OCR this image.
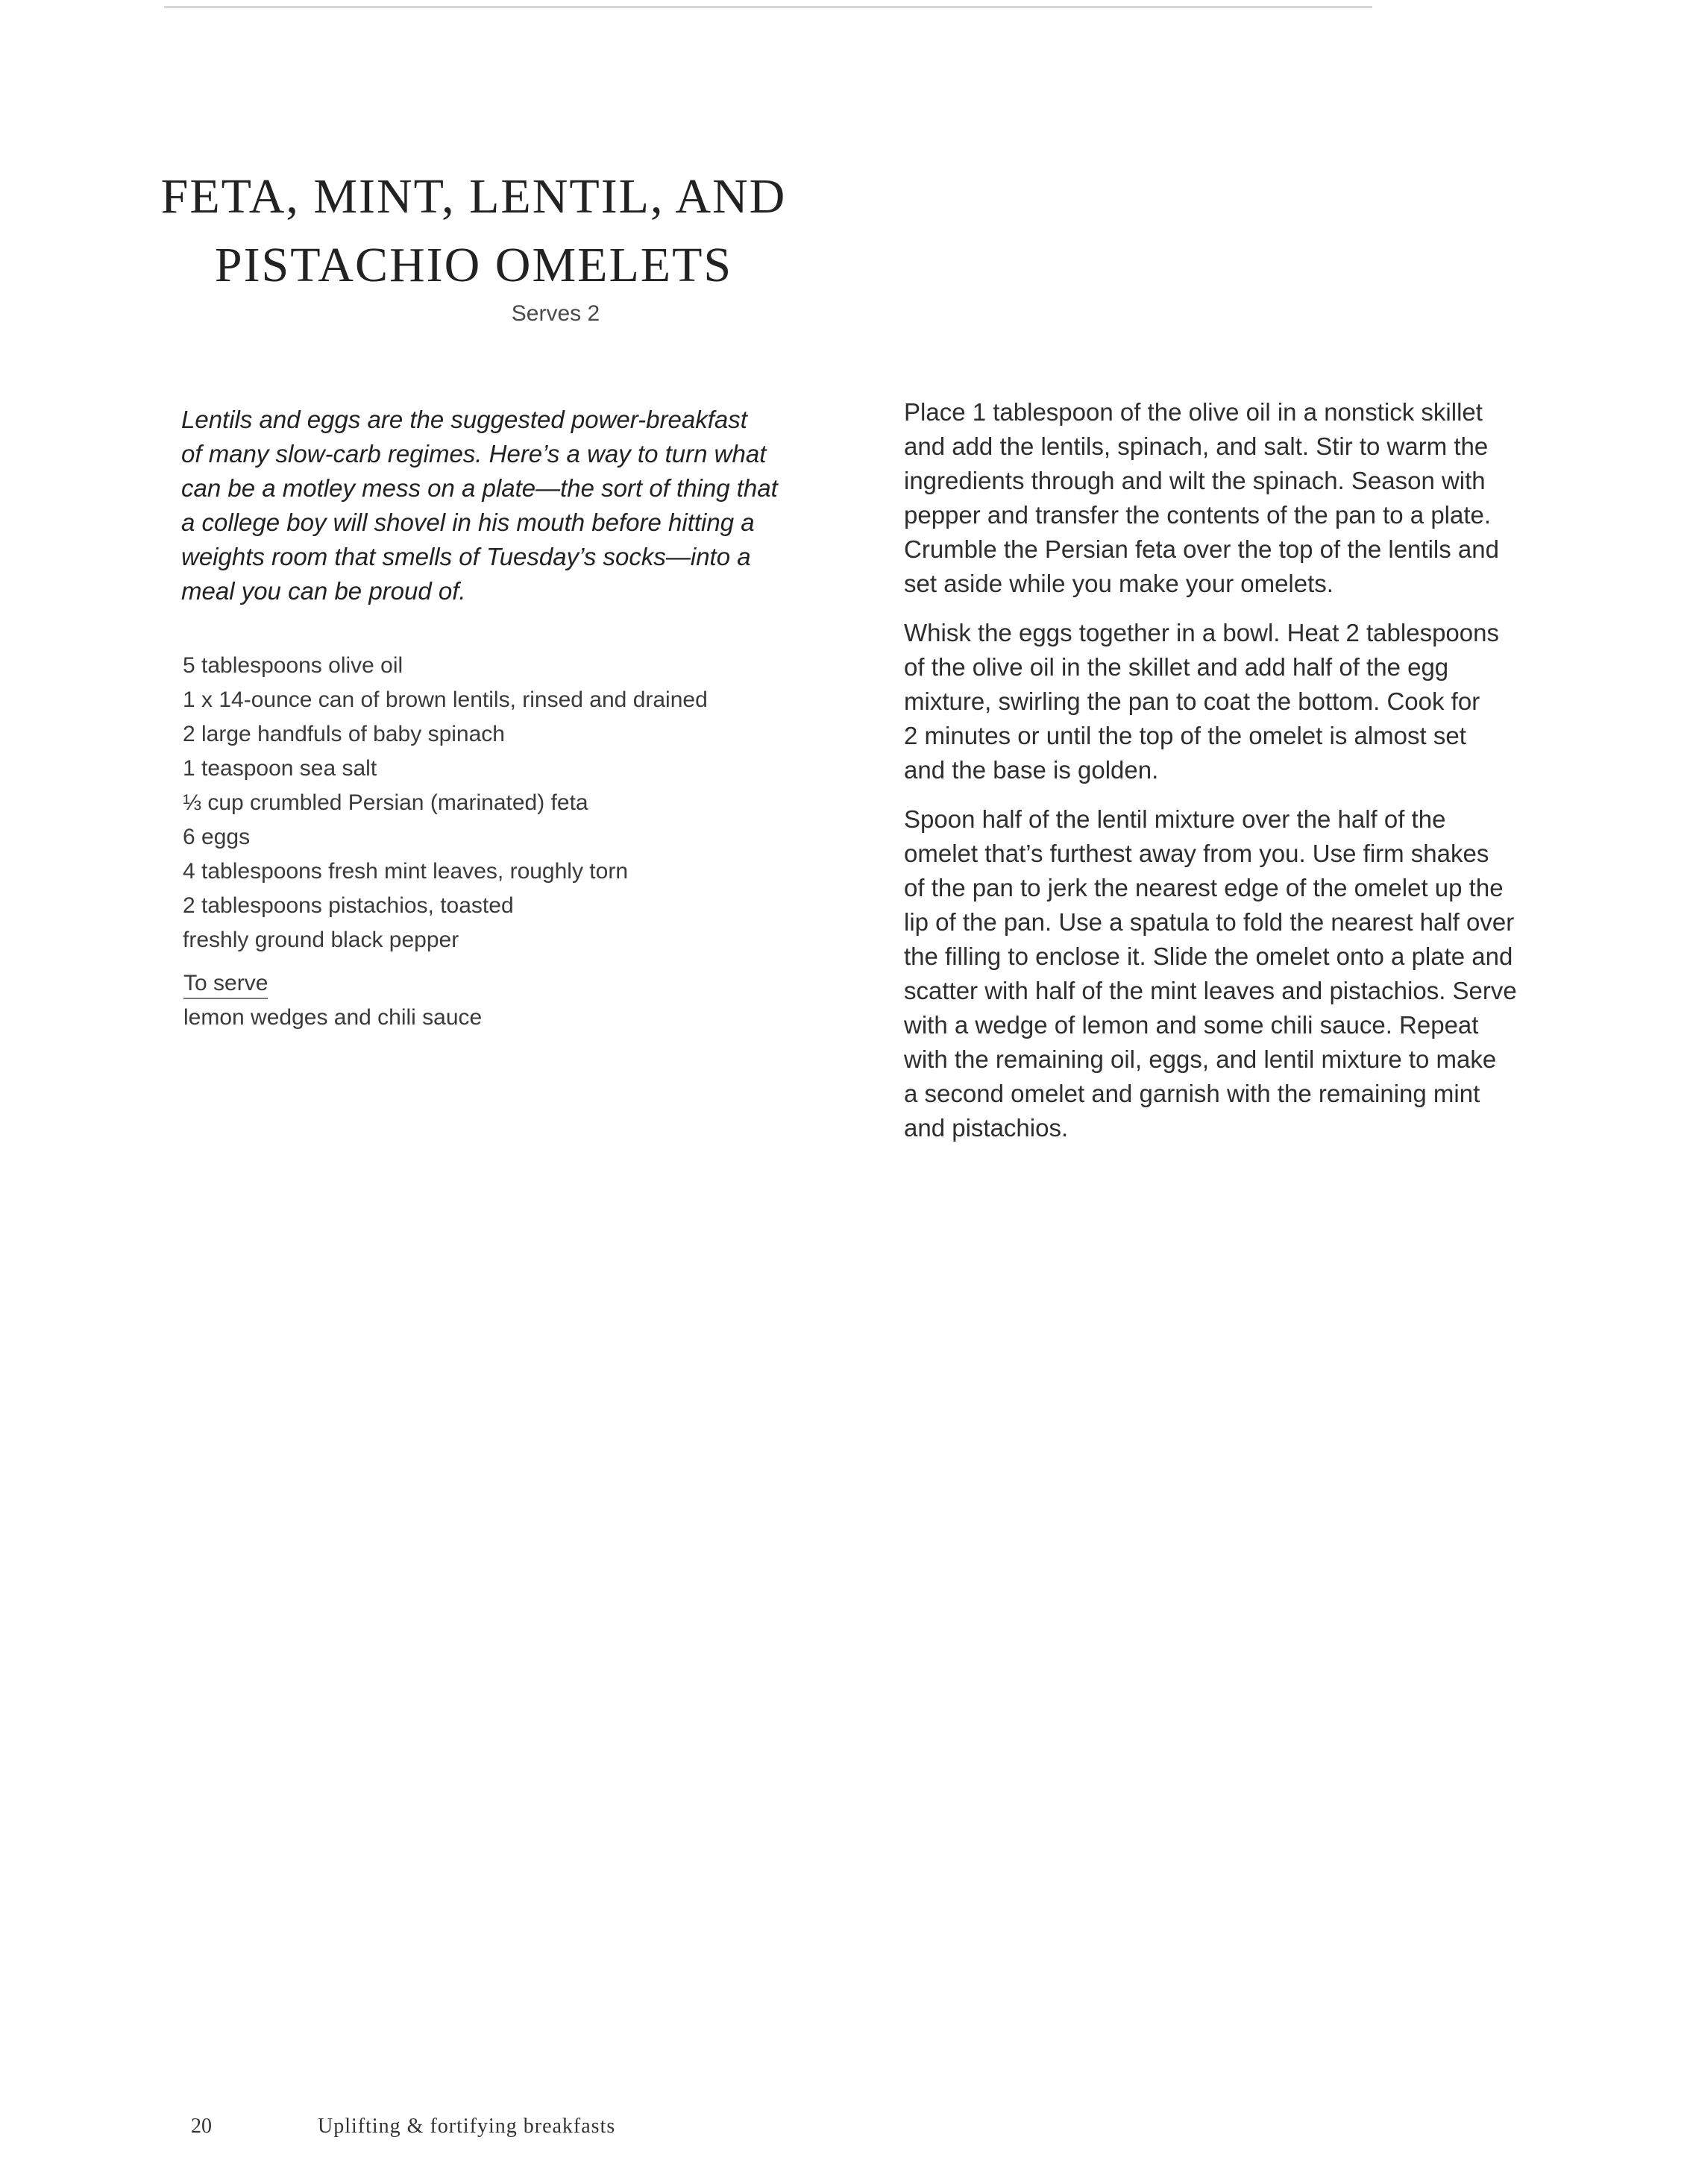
FETA, MINT, LENTIL, AND
PISTACHIO OMELETS
Serves 2
Lentils and eggs are the suggested power-breakfast
of many slow-carb regimes. Here’s a way to turn what
can be a motley mess on a plate—the sort of thing that
a college boy will shovel in his mouth before hitting a
weights room that smells of Tuesday’s socks—into a
meal you can be proud of.
5 tablespoons olive oil
1 x 14-ounce can of brown lentils, rinsed and drained
2 large handfuls of baby spinach
1 teaspoon sea salt
⅓ cup crumbled Persian (marinated) feta
6 eggs
4 tablespoons fresh mint leaves, roughly torn
2 tablespoons pistachios, toasted
freshly ground black pepper
To serve
lemon wedges and chili sauce

Place 1 tablespoon of the olive oil in a nonstick skillet
and add the lentils, spinach, and salt. Stir to warm the
ingredients through and wilt the spinach. Season with
pepper and transfer the contents of the pan to a plate.
Crumble the Persian feta over the top of the lentils and
set aside while you make your omelets.

Whisk the eggs together in a bowl. Heat 2 tablespoons
of the olive oil in the skillet and add half of the egg
mixture, swirling the pan to coat the bottom. Cook for
2 minutes or until the top of the omelet is almost set
and the base is golden.

Spoon half of the lentil mixture over the half of the
omelet that’s furthest away from you. Use firm shakes
of the pan to jerk the nearest edge of the omelet up the
lip of the pan. Use a spatula to fold the nearest half over
the filling to enclose it. Slide the omelet onto a plate and
scatter with half of the mint leaves and pistachios. Serve
with a wedge of lemon and some chili sauce. Repeat
with the remaining oil, eggs, and lentil mixture to make
a second omelet and garnish with the remaining mint
and pistachios.

20	Uplifting & fortifying breakfasts
